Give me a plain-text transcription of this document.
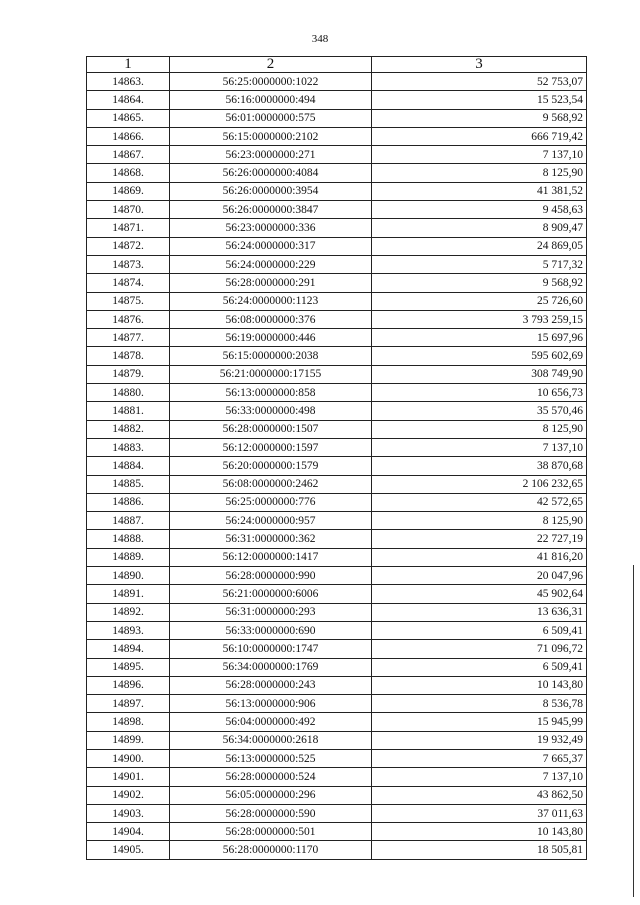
348
1	2	3
14863.	56:25:0000000:1022	52 753,07
14864.	56:16:0000000:494	15 523,54
14865.	56:01:0000000:575	9 568,92
14866.	56:15:0000000:2102	666 719,42
14867.	56:23:0000000:271	7 137,10
14868.	56:26:0000000:4084	8 125,90
14869.	56:26:0000000:3954	41 381,52
14870.	56:26:0000000:3847	9 458,63
14871.	56:23:0000000:336	8 909,47
14872.	56:24:0000000:317	24 869,05
14873.	56:24:0000000:229	5 717,32
14874.	56:28:0000000:291	9 568,92
14875.	56:24:0000000:1123	25 726,60
14876.	56:08:0000000:376	3 793 259,15
14877.	56:19:0000000:446	15 697,96
14878.	56:15:0000000:2038	595 602,69
14879.	56:21:0000000:17155	308 749,90
14880.	56:13:0000000:858	10 656,73
14881.	56:33:0000000:498	35 570,46
14882.	56:28:0000000:1507	8 125,90
14883.	56:12:0000000:1597	7 137,10
14884.	56:20:0000000:1579	38 870,68
14885.	56:08:0000000:2462	2 106 232,65
14886.	56:25:0000000:776	42 572,65
14887.	56:24:0000000:957	8 125,90
14888.	56:31:0000000:362	22 727,19
14889.	56:12:0000000:1417	41 816,20
14890.	56:28:0000000:990	20 047,96
14891.	56:21:0000000:6006	45 902,64
14892.	56:31:0000000:293	13 636,31
14893.	56:33:0000000:690	6 509,41
14894.	56:10:0000000:1747	71 096,72
14895.	56:34:0000000:1769	6 509,41
14896.	56:28:0000000:243	10 143,80
14897.	56:13:0000000:906	8 536,78
14898.	56:04:0000000:492	15 945,99
14899.	56:34:0000000:2618	19 932,49
14900.	56:13:0000000:525	7 665,37
14901.	56:28:0000000:524	7 137,10
14902.	56:05:0000000:296	43 862,50
14903.	56:28:0000000:590	37 011,63
14904.	56:28:0000000:501	10 143,80
14905.	56:28:0000000:1170	18 505,81
